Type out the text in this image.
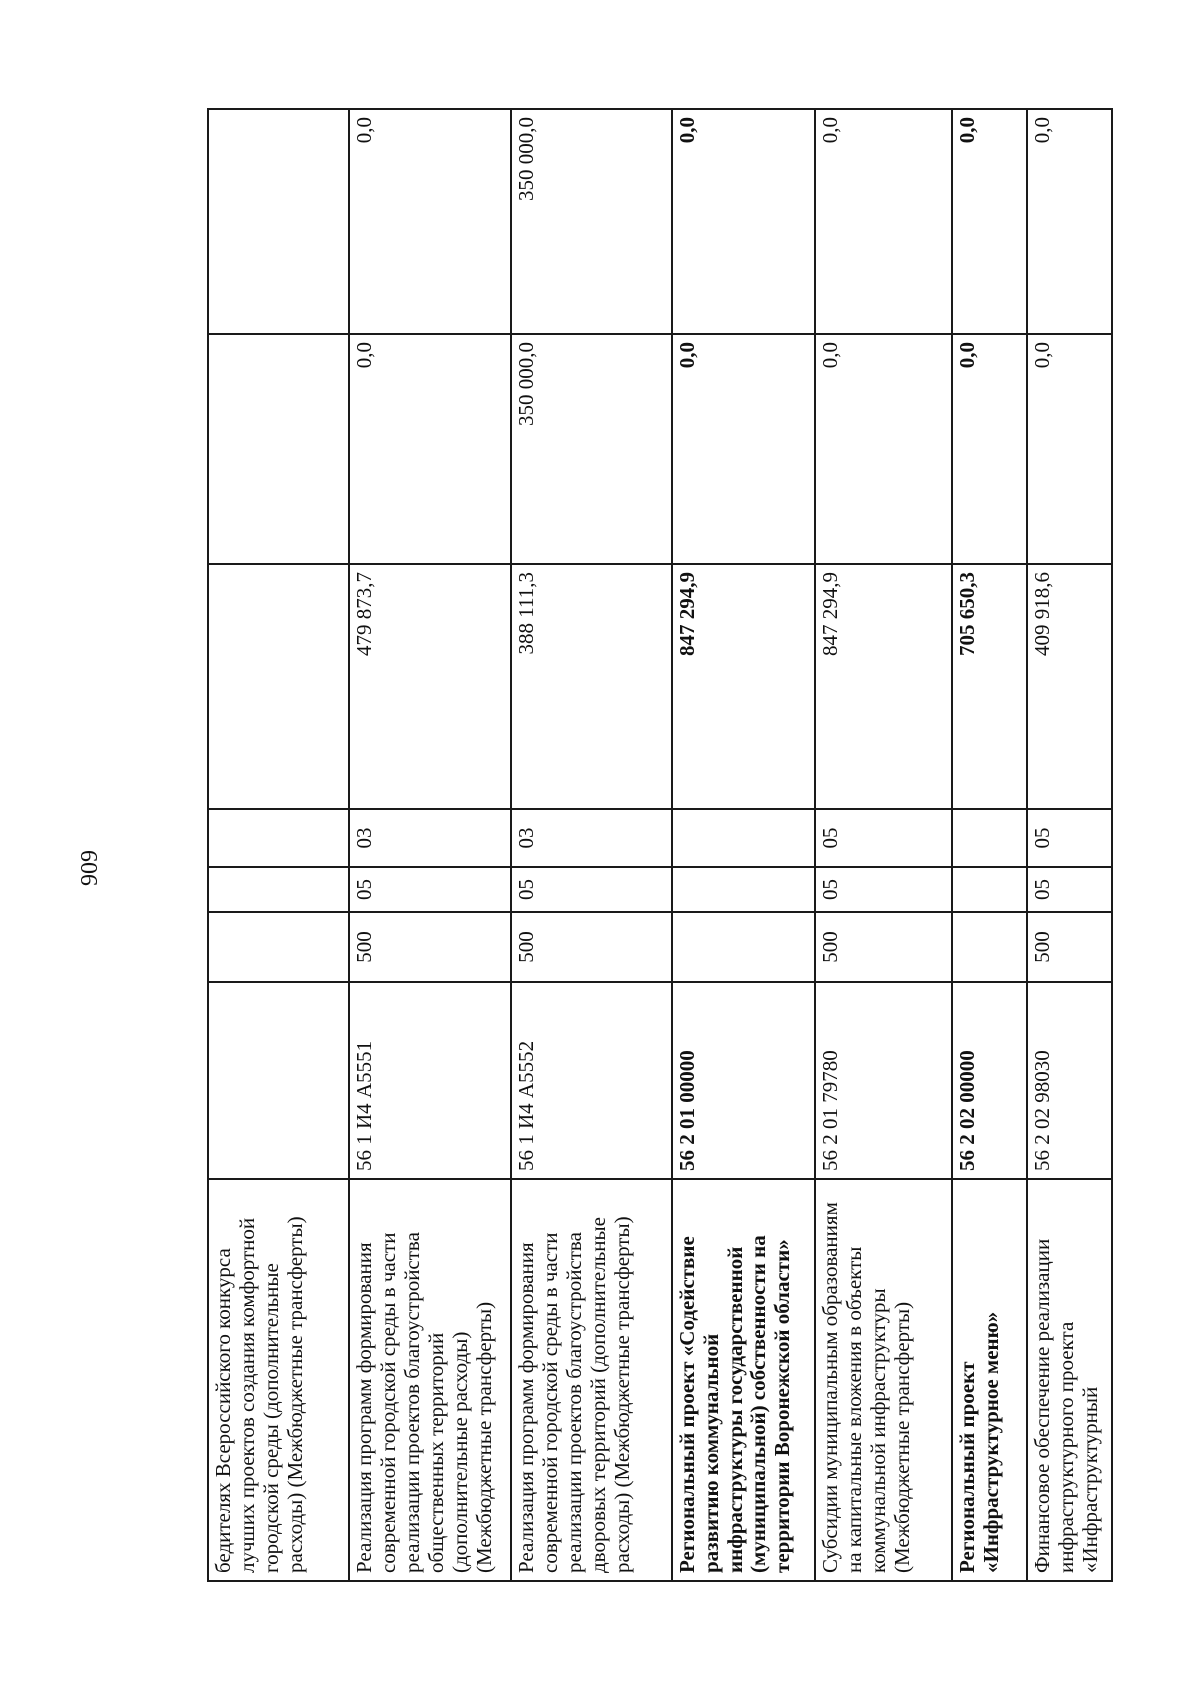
909
бедителях Всероссийского конкурса лучших проектов создания комфортной городской среды (дополнительные расходы) (Межбюджетные трансферты)							
Реализация программ формирования современной городской среды в части реализации проектов благоустройства общественных территорий (дополнительные расходы) (Межбюджетные трансферты)	56 1 И4 А5551	500	05	03	479 873,7	0,0	0,0
Реализация программ формирования современной городской среды в части реализации проектов благоустройства дворовых территорий (дополнительные расходы) (Межбюджетные трансферты)	56 1 И4 А5552	500	05	03	388 111,3	350 000,0	350 000,0
Региональный проект «Содействие развитию коммунальной инфраструктуры государственной (муниципальной) собственности на территории Воронежской области»	56 2 01 00000				847 294,9	0,0	0,0
Субсидии муниципальным образованиям на капитальные вложения в объекты коммунальной инфраструктуры (Межбюджетные трансферты)	56 2 01 79780	500	05	05	847 294,9	0,0	0,0
Региональный проект «Инфраструктурное меню»	56 2 02 00000				705 650,3	0,0	0,0
Финансовое обеспечение реализации инфраструктурного проекта «Инфраструктурный	56 2 02 98030	500	05	05	409 918,6	0,0	0,0
